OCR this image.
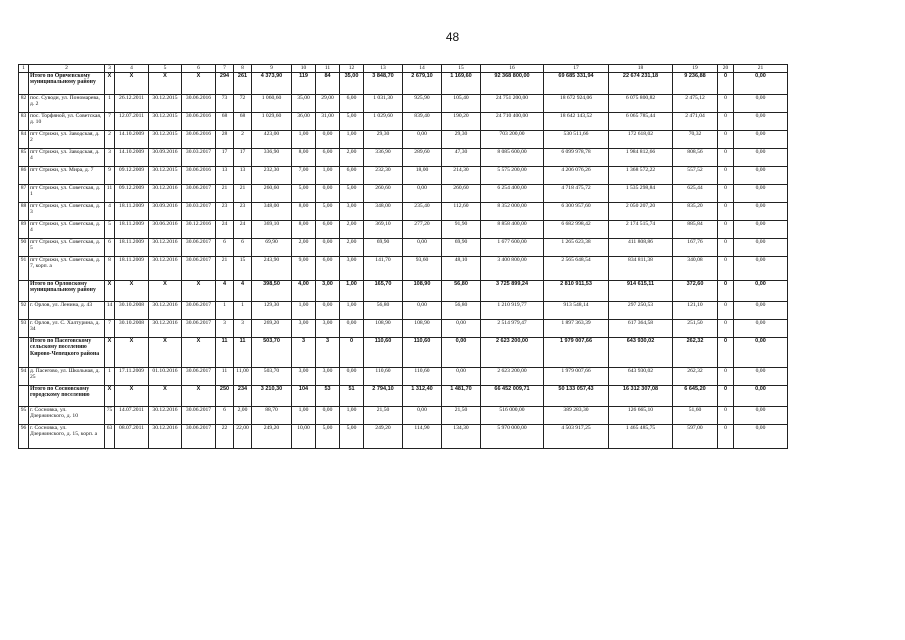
48
1	2	3	4	5	6	7	8	9	10	11	12	13	14	15	16	17	18	19	20	21
	Итого по Оричевскому муниципальному району	X	X	X	X	294	261	4 373,90	119	84	35,00	3 848,70	2 679,10	1 169,60	92 368 800,00	69 685 331,94	22 674 231,18	9 236,88	0	0,00
82	пос. Суводи, ул. Пономарева, д. 2	1	26.12.2011	30.12.2015	30.06.2016	73	72	1 060,60	35,00	29,00	6,00	1 031,30	925,90	105,40	24 751 200,00	18 672 924,06	6 075 800,82	2 475,12	0	0,00
83	пос. Торфяной, ул. Советская, д. 10	7	12.07.2011	30.12.2015	30.06.2016	68	68	1 029,60	36,00	31,00	5,00	1 029,60	839,40	190,20	24 710 400,00	18 642 143,52	6 065 785,44	2 471,04	0	0,00
84	пгт Стрижи, ул. Заводская, д. 2	2	14.10.2009	30.12.2015	30.06.2016	28	2	423,00	1,00	0,00	1,00	29,30	0,00	29,30	703 200,00	530 511,66	172 618,02	70,32	0	0,00
85	пгт Стрижи, ул. Заводская, д. 4	3	14.10.2009	30.09.2016	30.03.2017	17	17	336,90	8,00	6,00	2,00	336,90	289,60	47,30	8 085 600,00	6 099 978,78	1 984 812,66	808,56	0	0,00
86	пгт Стрижи, ул. Мира, д. 7	9	09.12.2009	30.12.2015	30.06.2016	13	13	232,30	7,00	1,00	6,00	232,30	18,00	214,30	5 575 200,00	4 206 076,26	1 368 572,22	557,52	0	0,00
87	пгт Стрижи, ул. Советская, д. 1	11	09.12.2009	30.12.2016	30.06.2017	21	21	260,60	5,00	0,00	5,00	260,60	0,00	260,60	6 254 400,00	4 718 475,72	1 535 298,84	625,44	0	0,00
88	пгт Стрижи, ул. Советская, д. 3	4	18.11.2009	30.09.2016	30.03.2017	23	23	348,00	8,00	5,00	3,00	348,00	235,40	112,60	8 352 000,00	6 300 957,60	2 050 207,20	835,20	0	0,00
89	пгт Стрижи, ул. Советская, д. 4	5	18.11.2009	30.06.2016	30.12.2016	24	24	369,10	8,00	6,00	2,00	369,10	277,20	91,90	8 858 400,00	6 682 998,42	2 174 515,74	885,84	0	0,00
90	пгт Стрижи, ул. Советская, д. 5	6	18.11.2009	30.12.2016	30.06.2017	6	6	69,90	2,00	0,00	2,00	69,90	0,00	69,90	1 677 600,00	1 265 623,38	411 808,86	167,76	0	0,00
91	пгт Стрижи, ул. Советская, д. 7, корп. а	8	18.11.2009	30.12.2016	30.06.2017	21	15	243,90	9,00	6,00	3,00	141,70	93,60	48,10	3 400 800,00	2 565 648,54	834 811,38	340,08	0	0,00
	Итого по Орловскому муниципальному району	X	X	X	X	4	4	398,50	4,00	3,00	1,00	165,70	108,90	56,80	3 725 899,24	2 810 911,53	914 615,11	372,60	0	0,00
92	г. Орлов, ул. Ленина, д. 43	14	30.10.2008	30.12.2016	30.06.2017	1	1	129,30	1,00	0,00	1,00	56,80	0,00	56,80	1 210 919,77	913 548,14	297 250,53	121,10	0	0,00
93	г. Орлов, ул. С. Халтурина, д. 34	7	30.10.2008	30.12.2016	30.06.2017	3	3	269,20	3,00	3,00	0,00	108,90	108,90	0,00	2 514 979,47	1 897 363,39	617 364,58	251,50	0	0,00
	Итого по Пасеговскому сельскому поселению Кирово-Чепецкого района	X	X	X	X	11	11	503,70	3	3	0	110,60	110,60	0,00	2 623 200,00	1 979 007,66	643 930,02	262,32	0	0,00
94	д. Пасегово, ул. Школьная, д. 25	1	17.11.2009	01.10.2016	30.06.2017	11	11,00	503,70	3,00	3,00	0,00	110,60	110,60	0,00	2 623 200,00	1 979 007,66	643 930,02	262,32	0	0,00
	Итого по Сосновскому городскому поселению	X	X	X	X	250	234	3 210,30	104	53	51	2 794,10	1 312,40	1 481,70	66 452 009,71	50 133 057,43	16 312 307,08	6 645,20	0	0,00
95	г. Сосновка, ул. Дзержинского, д. 10	75	14.07.2011	30.12.2016	30.06.2017	6	2,00	88,70	1,00	0,00	1,00	21,50	0,00	21,50	516 000,00	389 283,30	126 665,10	51,60	0	0,00
96	г. Сосновка, ул. Дзержинского, д. 15, корп. а	63	08.07.2011	30.12.2016	30.06.2017	22	22,00	249,20	10,00	5,00	5,00	249,20	114,90	134,30	5 970 000,00	4 503 917,25	1 465 485,75	597,00	0	0,00
